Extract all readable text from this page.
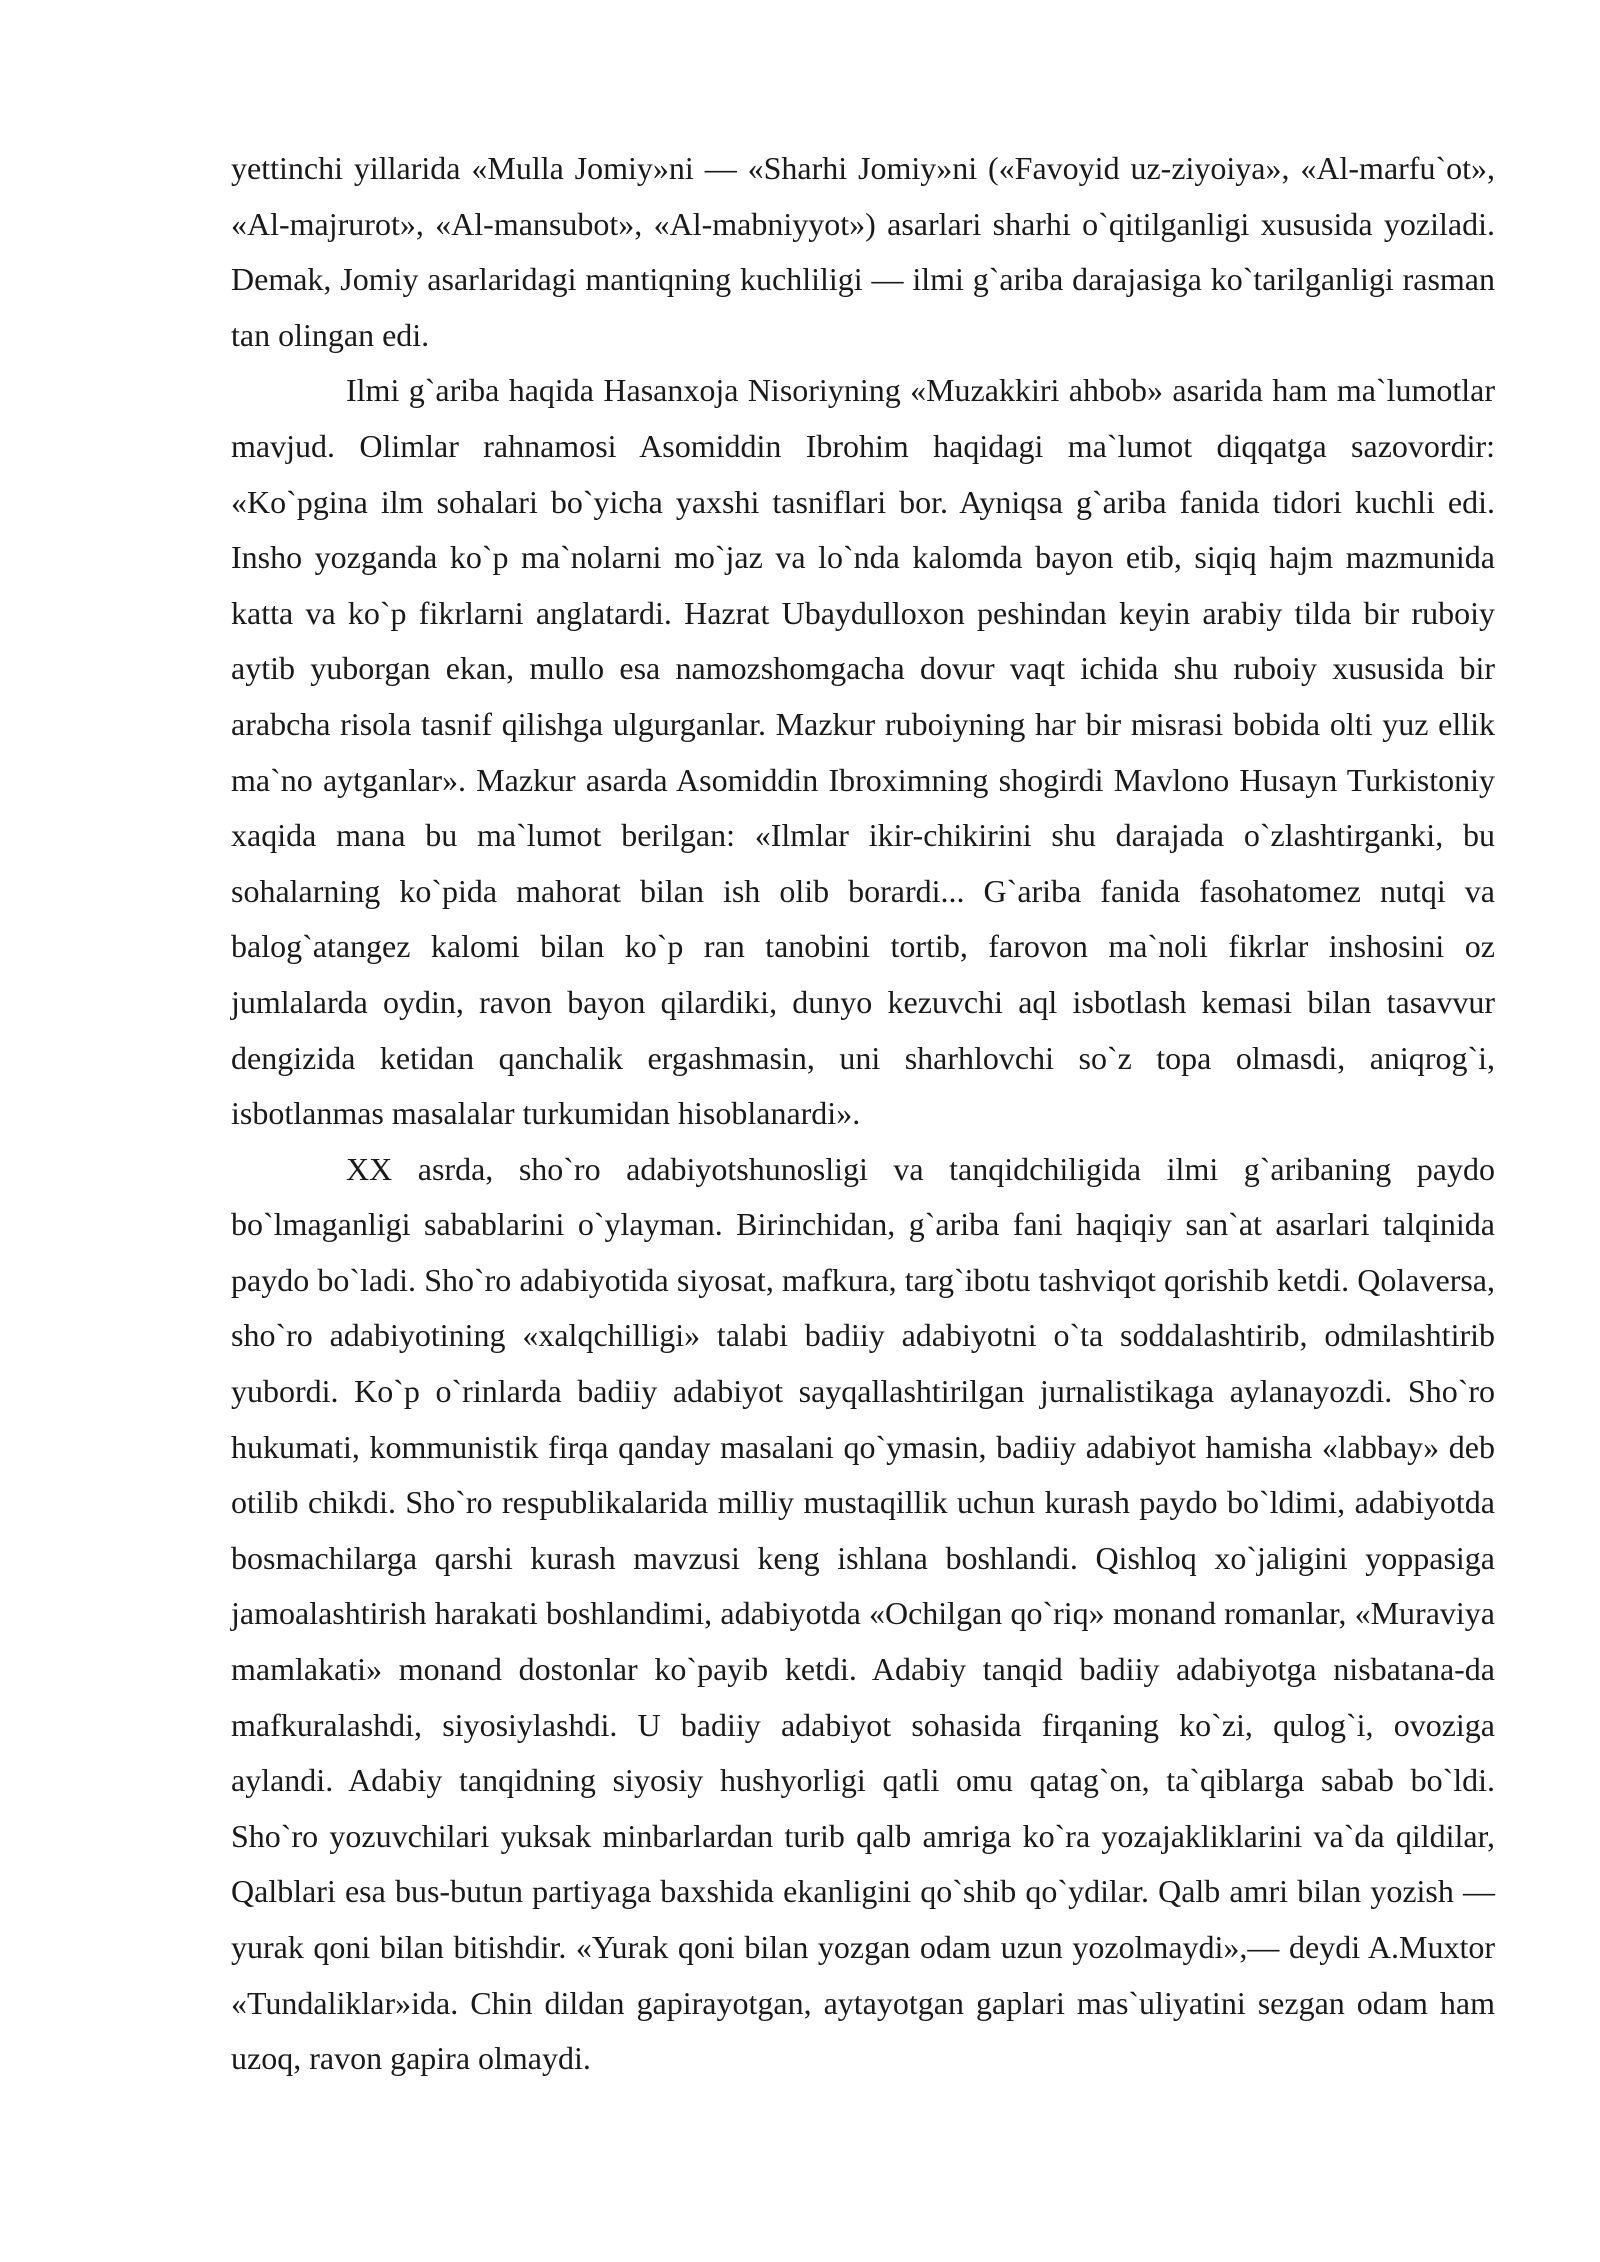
yettinchi yillarida «Mulla Jomiy»ni — «Sharhi Jomiy»ni («Favoyid uz-ziyoiya», «Al-marfu`ot», «Al-majrurot», «Al-mansubot», «Al-mabniyyot») asarlari sharhi o`qitilganligi xususida yoziladi. Demak, Jomiy asarlaridagi mantiqning kuchliligi — ilmi g`ariba darajasiga ko`tarilganligi rasman tan olingan edi.

Ilmi g`ariba haqida Hasanxoja Nisoriyning «Muzakkiri ahbob» asarida ham ma`lumotlar mavjud. Olimlar rahnamosi Asomiddin Ibrohim haqidagi ma`lumot diqqatga sazovordir: «Ko`pgina ilm sohalari bo`yicha yaxshi tasniflari bor. Ayniqsa g`ariba fanida tidori kuchli edi. Insho yozganda ko`p ma`nolarni mo`jaz va lo`nda kalomda bayon etib, siqiq hajm mazmunida katta va ko`p fikrlarni anglatardi. Hazrat Ubaydulloxon peshindan keyin arabiy tilda bir ruboiy aytib yuborgan ekan, mullo esa namozshomgacha dovur vaqt ichida shu ruboiy xususida bir arabcha risola tasnif qilishga ulgurganlar. Mazkur ruboiyning har bir misrasi bobida olti yuz ellik ma`no aytganlar». Mazkur asarda Asomiddin Ibroximning shogirdi Mavlono Husayn Turkistoniy xaqida mana bu ma`lumot berilgan: «Ilmlar ikir-chikirini shu darajada o`zlashtirganki, bu sohalarning ko`pida mahorat bilan ish olib borardi... G`ariba fanida fasohatomez nutqi va balog`atangez kalomi bilan ko`p ran tanobini tortib, farovon ma`noli fikrlar inshosini oz jumlalarda oydin, ravon bayon qilardiki, dunyo kezuvchi aql isbotlash kemasi bilan tasavvur dengizida ketidan qanchalik ergashmasin, uni sharhlovchi so`z topa olmasdi, aniqrog`i, isbotlanmas masalalar turkumidan hisoblanardi».

XX asrda, sho`ro adabiyotshunosligi va tanqidchiligida ilmi g`aribaning paydo bo`lmaganligi sabablarini o`ylayman. Birinchidan, g`ariba fani haqiqiy san`at asarlari talqinida paydo bo`ladi. Sho`ro adabiyotida siyosat, mafkura, targ`ibotu tashviqot qorishib ketdi. Qolaversa, sho`ro adabiyotining «xalqchilligi» talabi badiiy adabiyotni o`ta soddalashtirib, odmilashtirib yubordi. Ko`p o`rinlarda badiiy adabiyot sayqallashtirilgan jurnalistikaga aylanayozdi. Sho`ro hukumati, kommunistik firqa qanday masalani qo`ymasin, badiiy adabiyot hamisha «labbay» deb otilib chikdi. Sho`ro respublikalarida milliy mustaqillik uchun kurash paydo bo`ldimi, adabiyotda bosmachilarga qarshi kurash mavzusi keng ishlana boshlandi. Qishloq xo`jaligini yoppasiga jamoalashtirish harakati boshlandimi, adabiyotda «Ochilgan qo`riq» monand romanlar, «Muraviya mamlakati» monand dostonlar ko`payib ketdi. Adabiy tanqid badiiy adabiyotga nisbatana-da mafkuralashdi, siyosiylashdi. U badiiy adabiyot sohasida firqaning ko`zi, qulog`i, ovoziga aylandi. Adabiy tanqidning siyosiy hushyorligi qatli omu qatag`on, ta`qiblarga sabab bo`ldi. Sho`ro yozuvchilari yuksak minbarlardan turib qalb amriga ko`ra yozajakliklarini va`da qildilar, Qalblari esa bus-butun partiyaga baxshida ekanligini qo`shib qo`ydilar. Qalb amri bilan yozish — yurak qoni bilan bitishdir. «Yurak qoni bilan yozgan odam uzun yozolmaydi»,— deydi A.Muxtor «Tundaliklar»ida. Chin dildan gapirayotgan, aytayotgan gaplari mas`uliyatini sezgan odam ham uzoq, ravon gapira olmaydi.
